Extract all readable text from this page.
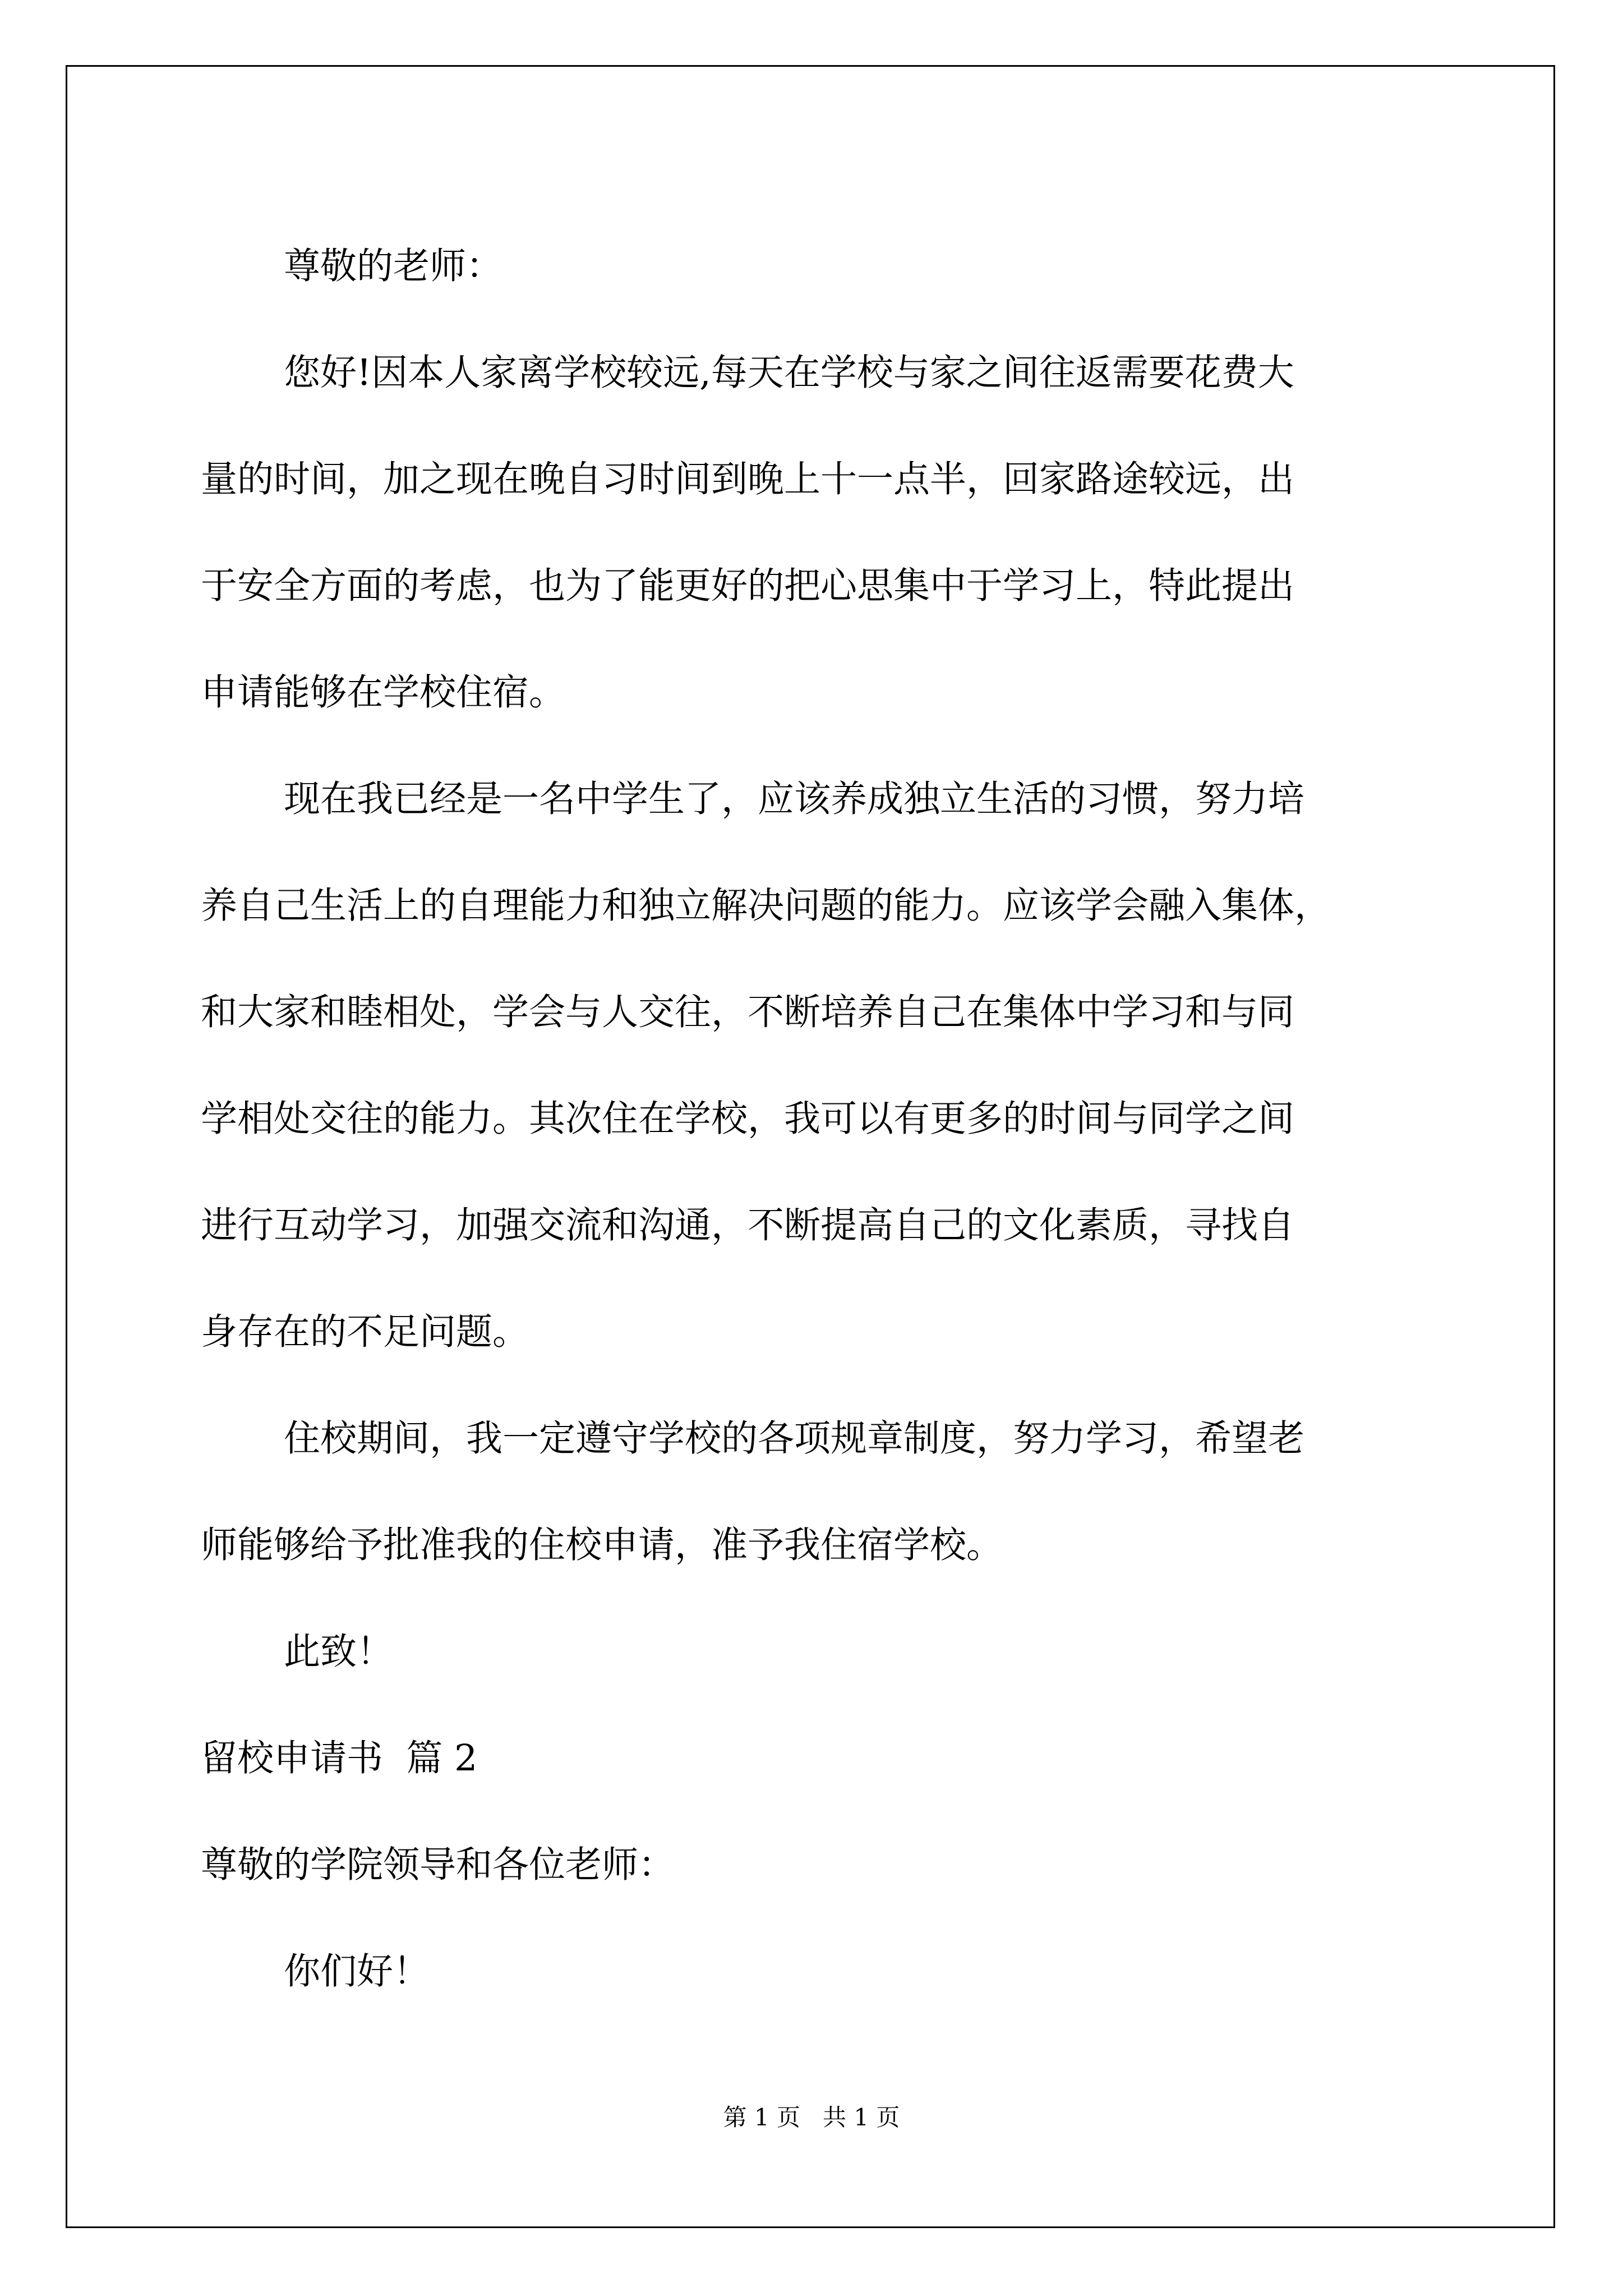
尊敬的老师：
您好!因本人家离学校较远,每天在学校与家之间往返需要花费大
量的时间，加之现在晚自习时间到晚上十一点半，回家路途较远，出
于安全方面的考虑，也为了能更好的把心思集中于学习上，特此提出
申请能够在学校住宿。
现在我已经是一名中学生了，应该养成独立生活的习惯，努力培
养自己生活上的自理能力和独立解决问题的能力。应该学会融入集体，
和大家和睦相处，学会与人交往，不断培养自己在集体中学习和与同
学相处交往的能力。其次住在学校，我可以有更多的时间与同学之间
进行互动学习，加强交流和沟通，不断提高自己的文化素质，寻找自
身存在的不足问题。
住校期间，我一定遵守学校的各项规章制度，努力学习，希望老
师能够给予批准我的住校申请，准予我住宿学校。
此致！
留校申请书  篇 2
尊敬的学院领导和各位老师：
你们好！
第 1 页 共 1 页
